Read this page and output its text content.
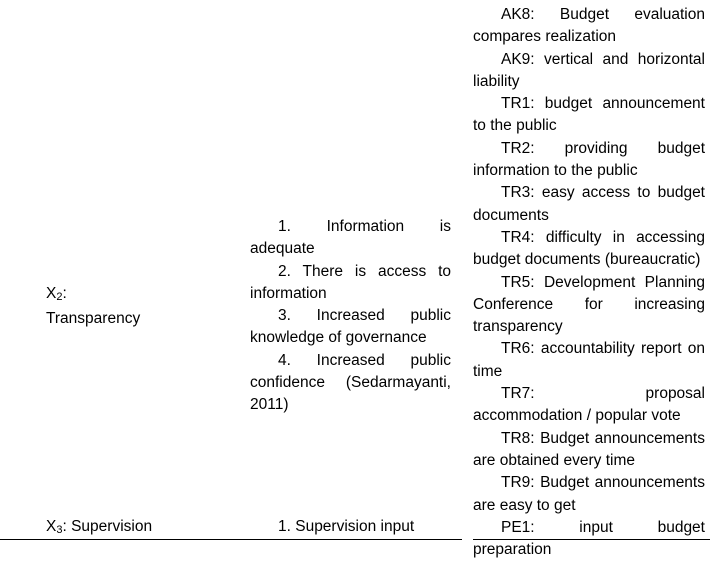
$X_2$:

Transparency

$X_3$: Supervision

1. Information is adequate

2. There is access to information

3. Increased public knowledge of governance

4. Increased public confidence (Sedarmayanti, 2011)

1. Supervision input

AK8: Budget evaluation compares realization

AK9: vertical and horizontal liability

TR1: budget announcement to the public

TR2: providing budget information to the public

TR3: easy access to budget documents

TR4: difficulty in accessing budget documents (bureaucratic)

TR5: Development Planning Conference for increasing transparency

TR6: accountability report on time

TR7: proposal accommodation / popular vote

TR8: Budget announcements are obtained every time

TR9: Budget announcements are easy to get

PE1: input budget preparation
